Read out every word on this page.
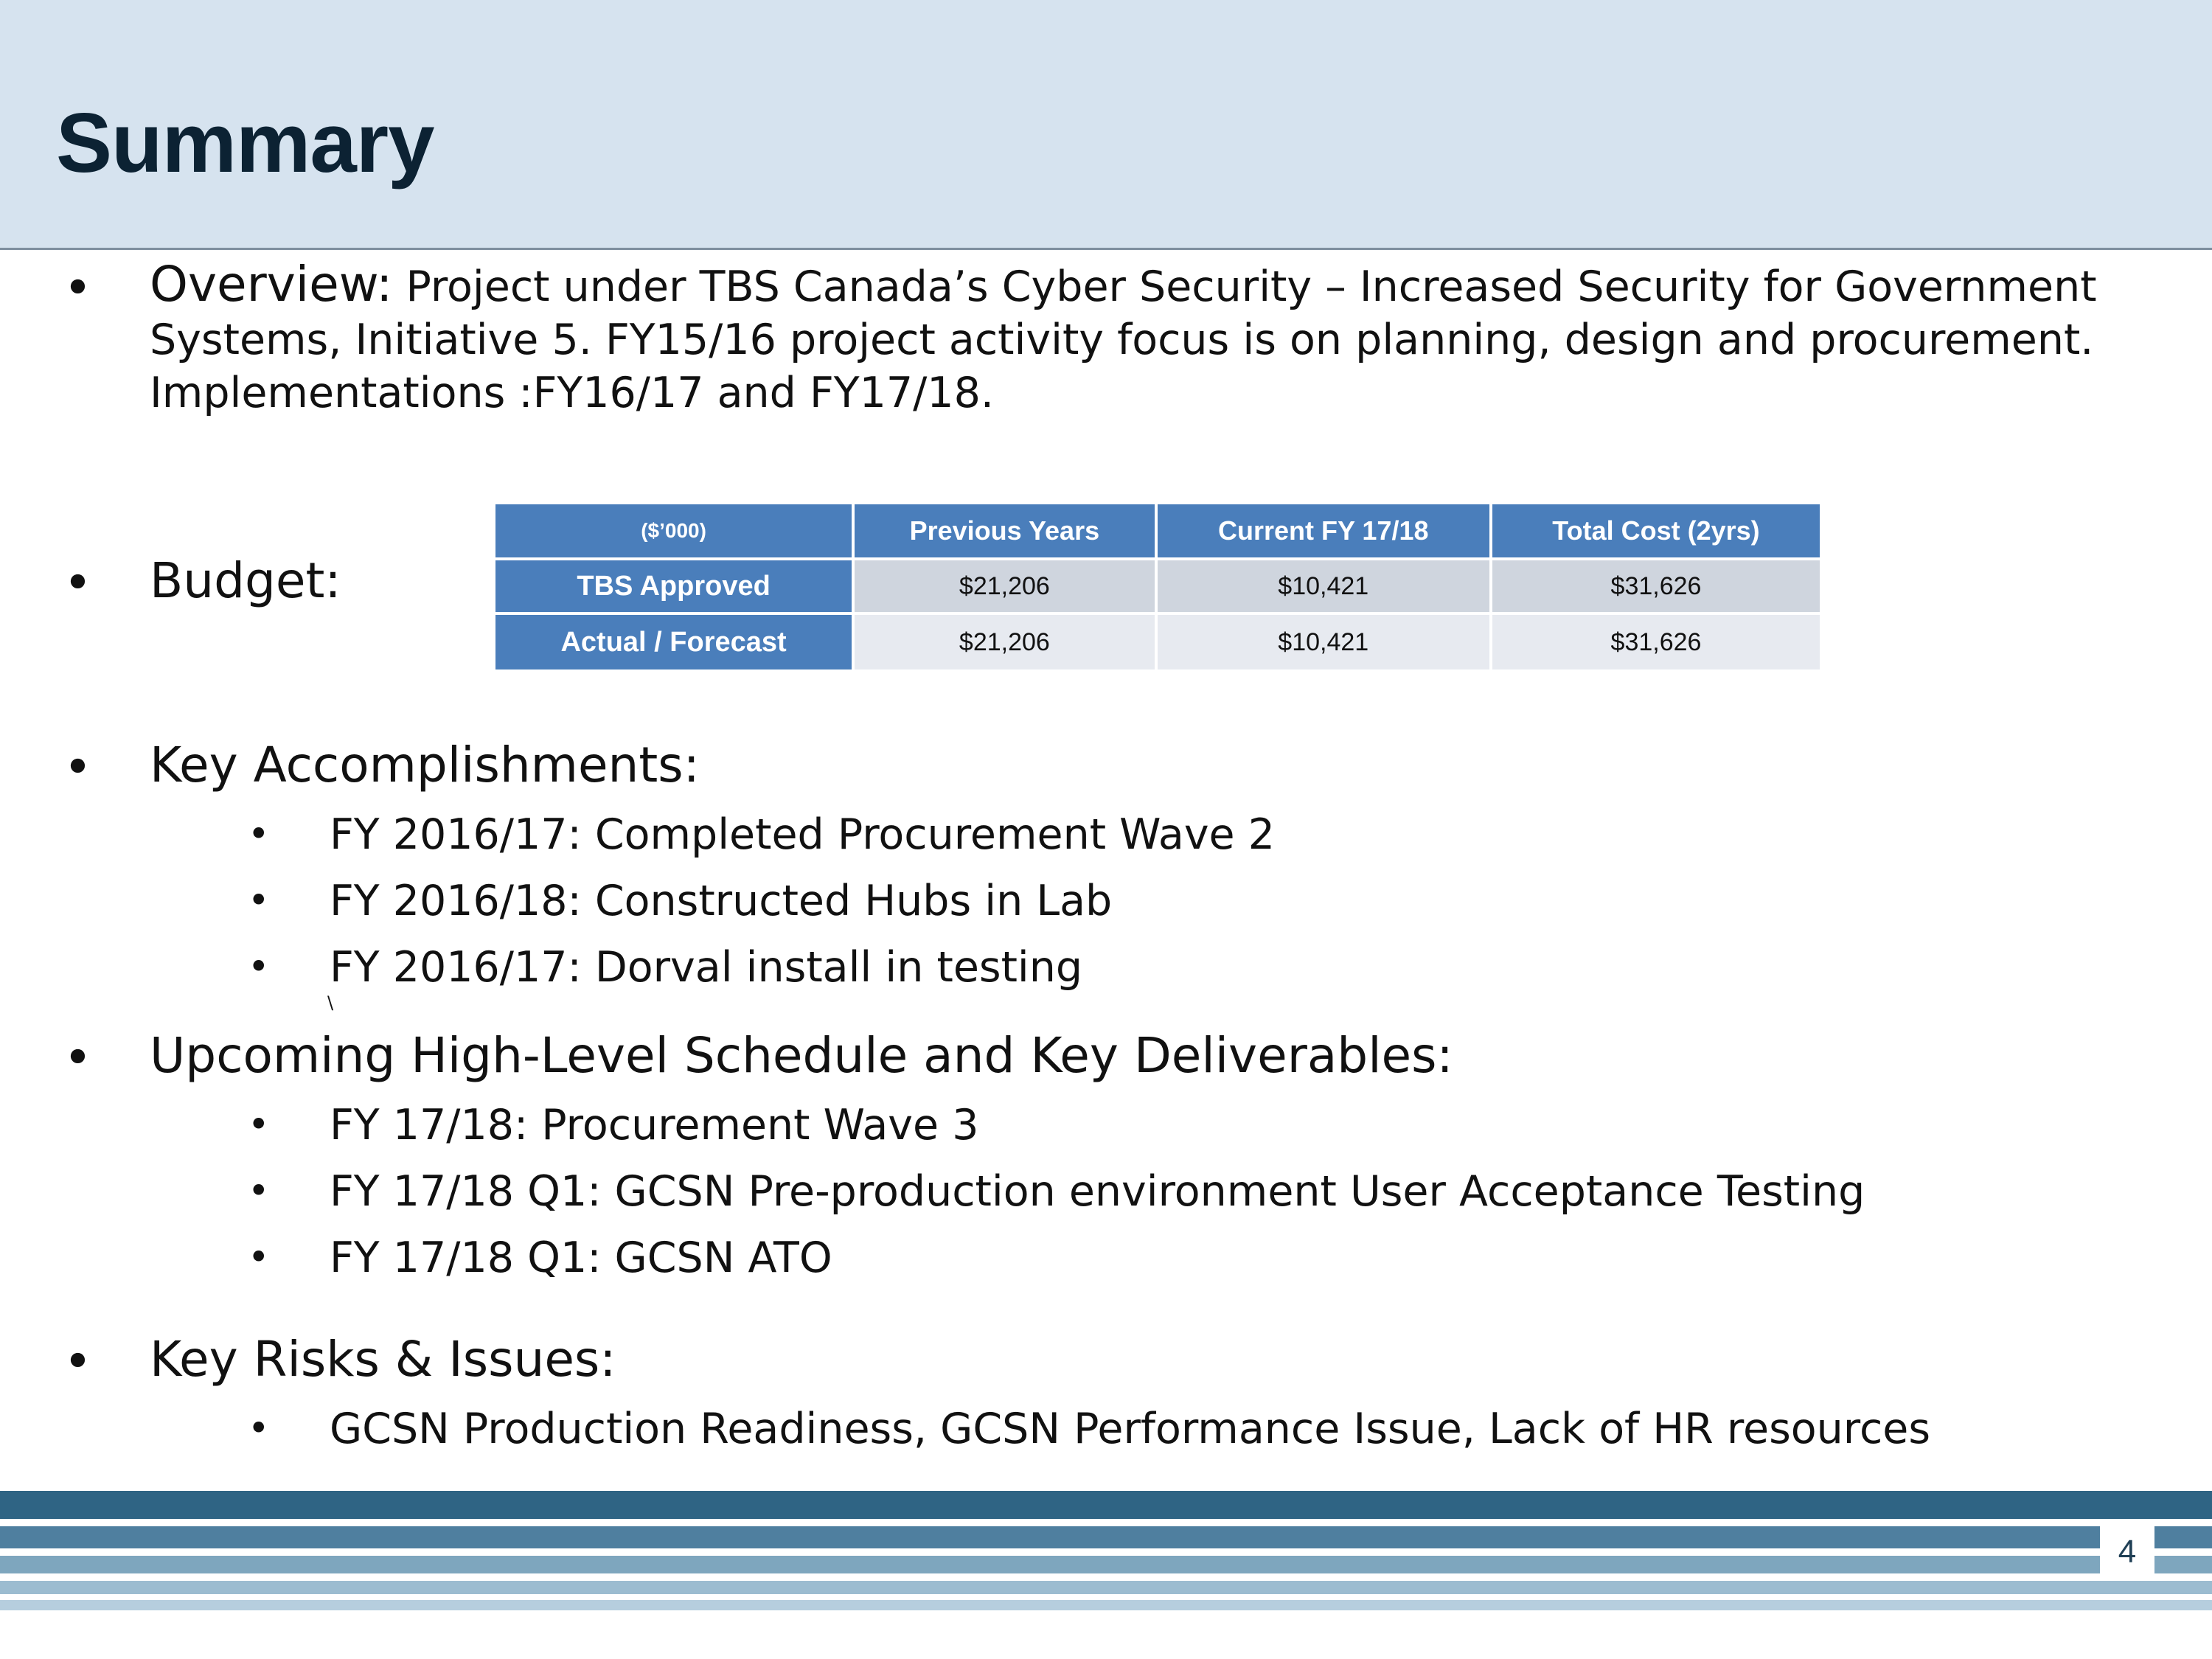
Summary
• Overview: Project under TBS Canada’s Cyber Security – Increased Security for Government Systems, Initiative 5. FY15/16 project activity focus is on planning, design and procurement. Implementations :FY16/17 and FY17/18.

• Budget:

($’000)	Previous Years	Current FY 17/18	Total Cost (2yrs)
TBS Approved	$21,206	$10,421	$31,626
Actual / Forecast	$21,206	$10,421	$31,626
• Key Accomplishments:

• FY 2016/17: Completed Procurement Wave 2

• FY 2016/18: Constructed Hubs in Lab

• FY 2016/17: Dorval install in testing

\
• Upcoming High-Level Schedule and Key Deliverables:

• FY 17/18: Procurement Wave 3

• FY 17/18 Q1: GCSN Pre-production environment User Acceptance Testing

• FY 17/18 Q1: GCSN ATO

• Key Risks & Issues:

• GCSN Production Readiness, GCSN Performance Issue, Lack of HR resources

4
